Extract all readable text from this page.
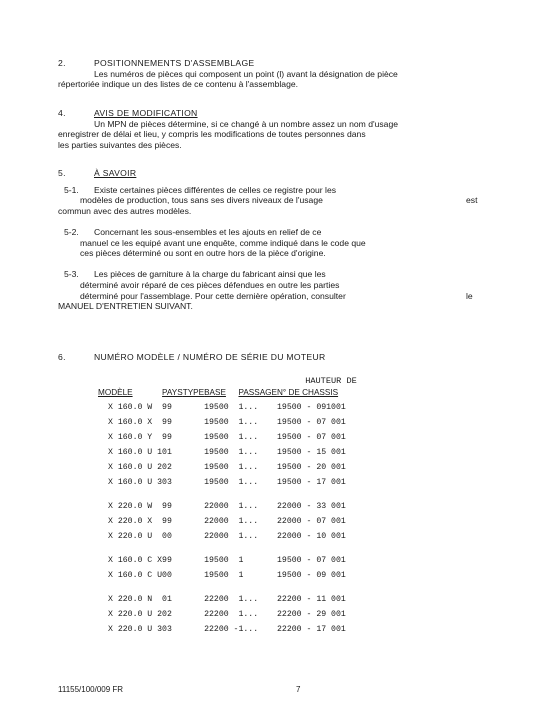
2.	POSITIONNEMENTS D'ASSEMBLAGE

Les numéros de pièces qui composent un point (l) avant la désignation de pièce

répertoriée indique un des listes de ce contenu à l'assemblage.

4.	AVIS DE MODIFICATION

Un MPN de pièces détermine, si ce changé à un nombre assez un nom d'usage

enregistrer de délai et lieu, y compris les modifications de toutes personnes dans

les parties suivantes des pièces.

5.	À SAVOIR

5-1. Existe certaines pièces différentes de celles ce registre pour les

modèles de production, tous sans ses divers niveaux de l'usage	est

commun avec des autres modèles.

5-2. Concernant les sous-ensembles et les ajouts en relief de ce

manuel ce les equipé avant une enquête, comme indiqué dans le code que

ces pièces déterminé ou sont en outre hors de la pièce d'origine.

5-3. Les pièces de garniture à la charge du fabricant ainsi que les

déterminé avoir réparé de ces pièces défendues en outre les parties

déterminé pour l'assemblage. Pour cette dernière opération, consulter	le

MANUEL D'ENTRETIEN SUIVANT.

6.	NUMÉRO MODÈLE / NUMÉRO DE SÉRIE DU MOTEUR

HAUTEUR DE
MODÈLE	PAYS	TYPE	BASE	PASSAGE	N° DE CHASSIS
X 160.0 W	99		19500	1...	19500 - 091001
X 160.0 X	99		19500	1...	19500 - 07 001
X 160.0 Y	99		19500	1...	19500 - 07 001
X 160.0 U 1	01		19500	1...	19500 - 15 001
X 160.0 U 2	02		19500	1...	19500 - 20 001
X 160.0 U 3	03		19500	1...	19500 - 17 001

X 220.0 W	99		22000	1...	22000 - 33 001
X 220.0 X	99		22000	1...	22000 - 07 001
X 220.0 U	00		22000	1...	22000 - 10 001

X 160.0 C X	99		19500	1	19500 - 07 001
X 160.0 C U	00		19500	1	19500 - 09 001

X 220.0 N	01		22200	1...	22200 - 11 001
X 220.0 U 2	02		22200	1...	22200 - 29 001
X 220.0 U 3	03		22200 -	1...	22200 - 17 001
11155/100/009 FR	7
